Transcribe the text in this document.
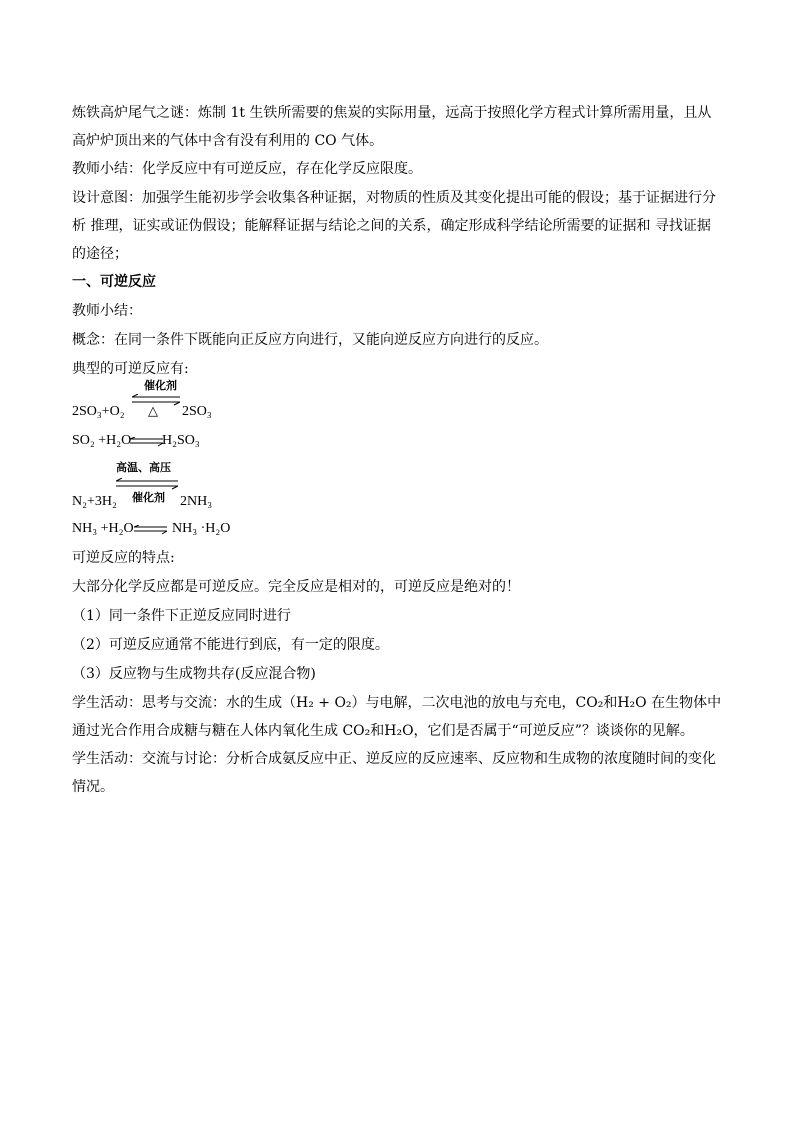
炼铁高炉尾气之谜：炼制 1t 生铁所需要的焦炭的实际用量，远高于按照化学方程式计算所需用量，且从高炉炉顶出来的气体中含有没有利用的 CO 气体。

教师小结：化学反应中有可逆反应，存在化学反应限度。

设计意图：加强学生能初步学会收集各种证据，对物质的性质及其变化提出可能的假设；基于证据进行分析 推理，证实或证伪假设；能解释证据与结论之间的关系，确定形成科学结论所需要的证据和 寻找证据的途径；

一、可逆反应

教师小结：

概念：在同一条件下既能向正反应方向进行，又能向逆反应方向进行的反应。

典型的可逆反应有:

2SO₃+O₂
催化剂
△ 2SO₃
SO₂ +H₂O H₂SO₃
高温、高压
催化剂
N₂+3H₂	2NH₃
NH₃ +H₂O ⇌ NH₃ ·H₂O

可逆反应的特点:

大部分化学反应都是可逆反应。完全反应是相对的，可逆反应是绝对的！

（1）同一条件下正逆反应同时进行

（2）可逆反应通常不能进行到底，有一定的限度。

（3）反应物与生成物共存(反应混合物)

学生活动：思考与交流：水的生成（H₂ + O₂）与电解，二次电池的放电与充电，CO₂和H₂O 在生物体中通过光合作用合成糖与糖在人体内氧化生成 CO₂和H₂O，它们是否属于“可逆反应”？谈谈你的见解。

学生活动：交流与讨论：分析合成氨反应中正、逆反应的反应速率、反应物和生成物的浓度随时间的变化情况。
